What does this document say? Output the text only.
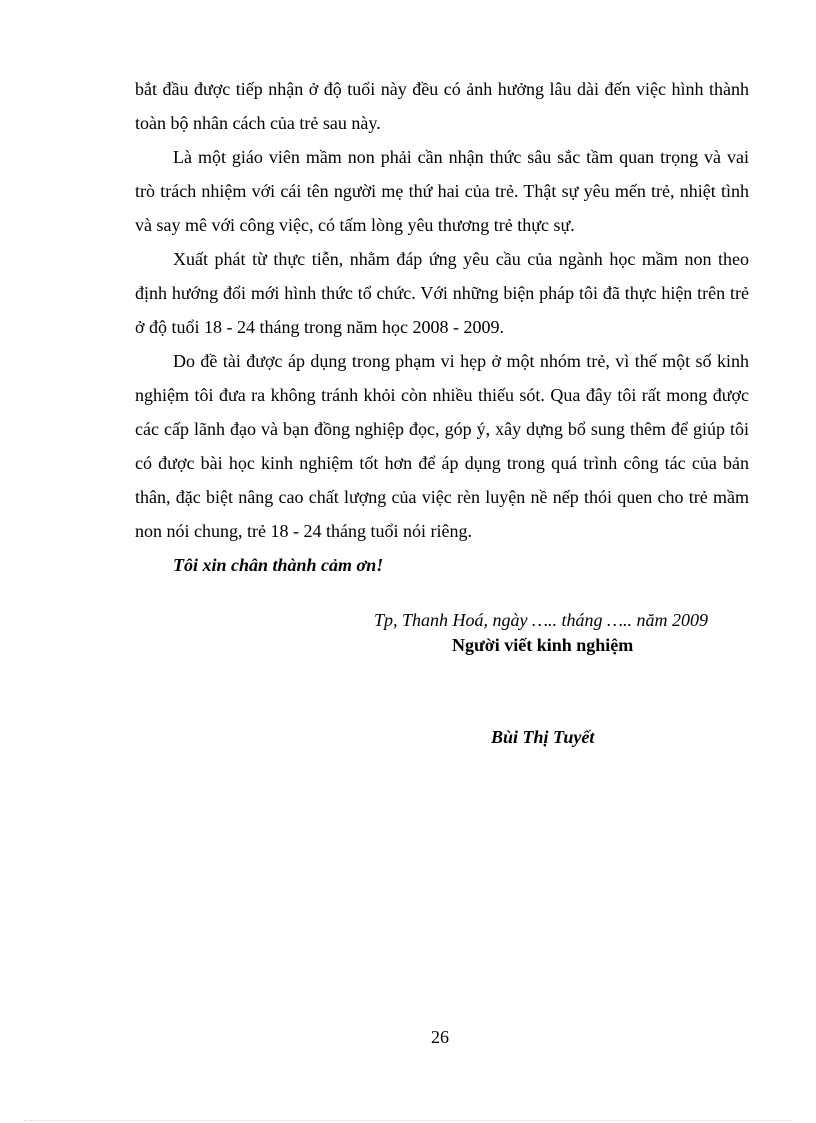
bắt đầu được tiếp nhận ở độ tuổi này đều có ảnh hưởng lâu dài đến việc hình thành toàn bộ nhân cách của trẻ sau này.

Là một giáo viên mầm non phải cần nhận thức sâu sắc tầm quan trọng và vai trò trách nhiệm với cái tên người mẹ thứ hai của trẻ. Thật sự yêu mến trẻ, nhiệt tình và say mê với công việc, có tấm lòng yêu thương trẻ thực sự.

Xuất phát từ thực tiễn, nhằm đáp ứng yêu cầu của ngành học mầm non theo định hướng đổi mới hình thức tổ chức. Với những biện pháp tôi đã thực hiện trên trẻ ở độ tuổi 18 - 24 tháng trong năm học 2008 - 2009.

Do đề tài được áp dụng trong phạm vi hẹp ở một nhóm trẻ, vì thế một số kinh nghiệm tôi đưa ra không tránh khỏi còn nhiều thiếu sót. Qua đây tôi rất mong được các cấp lãnh đạo và bạn đồng nghiệp đọc, góp ý, xây dựng bổ sung thêm để giúp tôi có được bài học kinh nghiệm tốt hơn để áp dụng trong quá trình công tác của bản thân, đặc biệt nâng cao chất lượng của việc rèn luyện nề nếp thói quen cho trẻ mầm non nói chung, trẻ 18 - 24 tháng tuổi nói riêng.

Tôi xin chân thành cảm ơn!

Tp, Thanh Hoá, ngày ….. tháng ….. năm 2009
Người viết kinh nghiệm
Bùi Thị Tuyết
26
